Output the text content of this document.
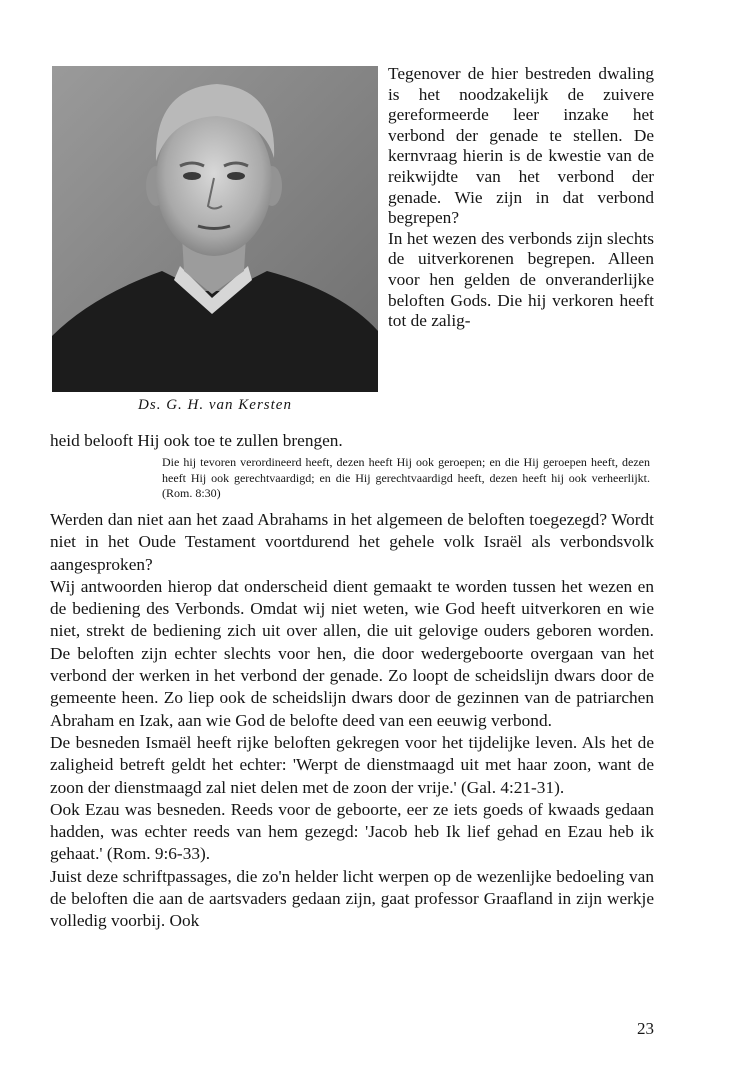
Ds. G. H. van Kersten

Tegenover de hier bestreden dwaling is het noodzakelijk de zuivere gereformeerde leer inzake het verbond der genade te stellen. De kernvraag hierin is de kwestie van de reikwijdte van het verbond der genade. Wie zijn in dat verbond begrepen?

In het wezen des verbonds zijn slechts de uitverkorenen begrepen. Alleen voor hen gelden de onveranderlijke beloften Gods. Die hij verkoren heeft tot de zalig-

heid belooft Hij ook toe te zullen brengen.
Die hij tevoren verordineerd heeft, dezen heeft Hij ook geroepen; en die Hij geroepen heeft, dezen heeft Hij ook gerechtvaardigd; en die Hij gerechtvaardigd heeft, dezen heeft hij ook verheerlijkt. (Rom. 8:30)

Werden dan niet aan het zaad Abrahams in het algemeen de beloften toegezegd? Wordt niet in het Oude Testament voortdurend het gehele volk Israël als verbondsvolk aangesproken?

Wij antwoorden hierop dat onderscheid dient gemaakt te worden tussen het wezen en de bediening des Verbonds. Omdat wij niet weten, wie God heeft uitverkoren en wie niet, strekt de bediening zich uit over allen, die uit gelovige ouders geboren worden. De beloften zijn echter slechts voor hen, die door wedergeboorte overgaan van het verbond der werken in het verbond der genade. Zo loopt de scheidslijn dwars door de gemeente heen. Zo liep ook de scheidslijn dwars door de gezinnen van de patriarchen Abraham en Izak, aan wie God de belofte deed van een eeuwig verbond.

De besneden Ismaël heeft rijke beloften gekregen voor het tijdelijke leven. Als het de zaligheid betreft geldt het echter: 'Werpt de dienstmaagd uit met haar zoon, want de zoon der dienstmaagd zal niet delen met de zoon der vrije.' (Gal. 4:21-31).

Ook Ezau was besneden. Reeds voor de geboorte, eer ze iets goeds of kwaads gedaan hadden, was echter reeds van hem gezegd: 'Jacob heb Ik lief gehad en Ezau heb ik gehaat.' (Rom. 9:6-33).

Juist deze schriftpassages, die zo'n helder licht werpen op de wezenlijke bedoeling van de beloften die aan de aartsvaders gedaan zijn, gaat professor Graafland in zijn werkje volledig voorbij. Ook

23
